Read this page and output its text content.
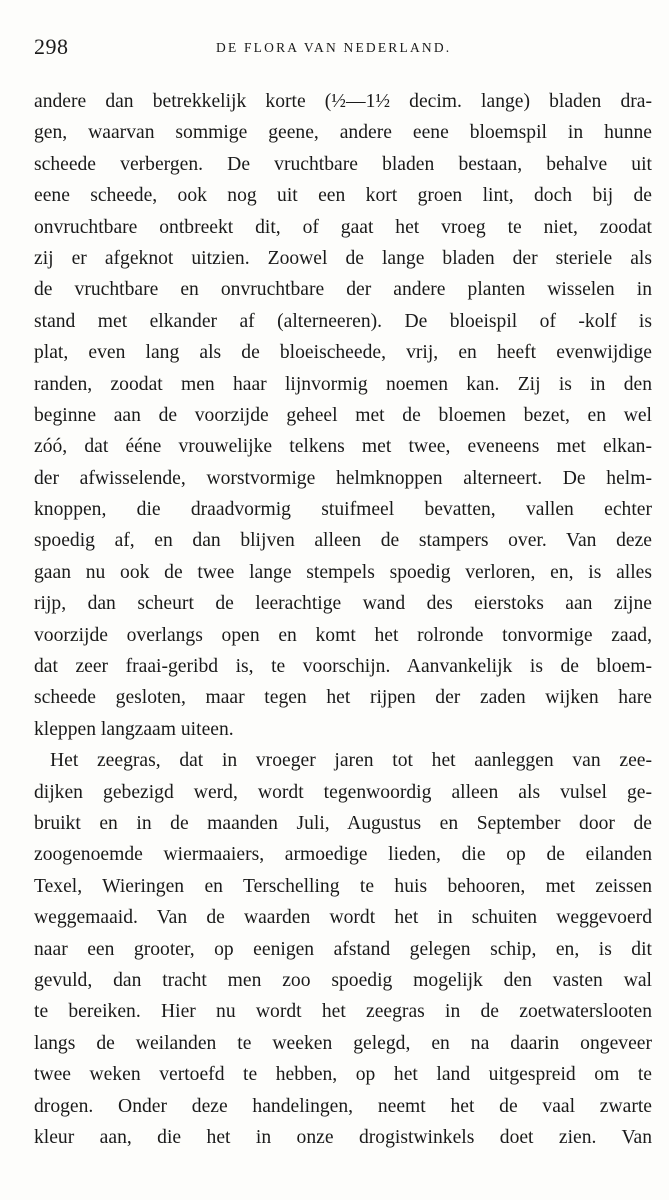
298	DE FLORA VAN NEDERLAND.
andere dan betrekkelijk korte (½—1½ decim. lange) bladen dra-
gen, waarvan sommige geene, andere eene bloemspil in hunne
scheede verbergen. De vruchtbare bladen bestaan, behalve uit
eene scheede, ook nog uit een kort groen lint, doch bij de
onvruchtbare ontbreekt dit, of gaat het vroeg te niet, zoodat
zij er afgeknot uitzien. Zoowel de lange bladen der steriele als
de vruchtbare en onvruchtbare der andere planten wisselen in
stand met elkander af (alterneeren). De bloeispil of -kolf is
plat, even lang als de bloeischeede, vrij, en heeft evenwijdige
randen, zoodat men haar lijnvormig noemen kan. Zij is in den
beginne aan de voorzijde geheel met de bloemen bezet, en wel
zóó, dat ééne vrouwelijke telkens met twee, eveneens met elkan-
der afwisselende, worstvormige helmknoppen alterneert. De helm-
knoppen, die draadvormig stuifmeel bevatten, vallen echter
spoedig af, en dan blijven alleen de stampers over. Van deze
gaan nu ook de twee lange stempels spoedig verloren, en, is alles
rijp, dan scheurt de leerachtige wand des eierstoks aan zijne
voorzijde overlangs open en komt het rolronde tonvormige zaad,
dat zeer fraai-geribd is, te voorschijn. Aanvankelijk is de bloem-
scheede gesloten, maar tegen het rijpen der zaden wijken hare
kleppen langzaam uiteen.
Het zeegras, dat in vroeger jaren tot het aanleggen van zee-
dijken gebezigd werd, wordt tegenwoordig alleen als vulsel ge-
bruikt en in de maanden Juli, Augustus en September door de
zoogenoemde wiermaaiers, armoedige lieden, die op de eilanden
Texel, Wieringen en Terschelling te huis behooren, met zeissen
weggemaaid. Van de waarden wordt het in schuiten weggevoerd
naar een grooter, op eenigen afstand gelegen schip, en, is dit
gevuld, dan tracht men zoo spoedig mogelijk den vasten wal
te bereiken. Hier nu wordt het zeegras in de zoetwaterslooten
langs de weilanden te weeken gelegd, en na daarin ongeveer
twee weken vertoefd te hebben, op het land uitgespreid om te
drogen. Onder deze handelingen, neemt het de vaal zwarte
kleur aan, die het in onze drogistwinkels doet zien. Van
